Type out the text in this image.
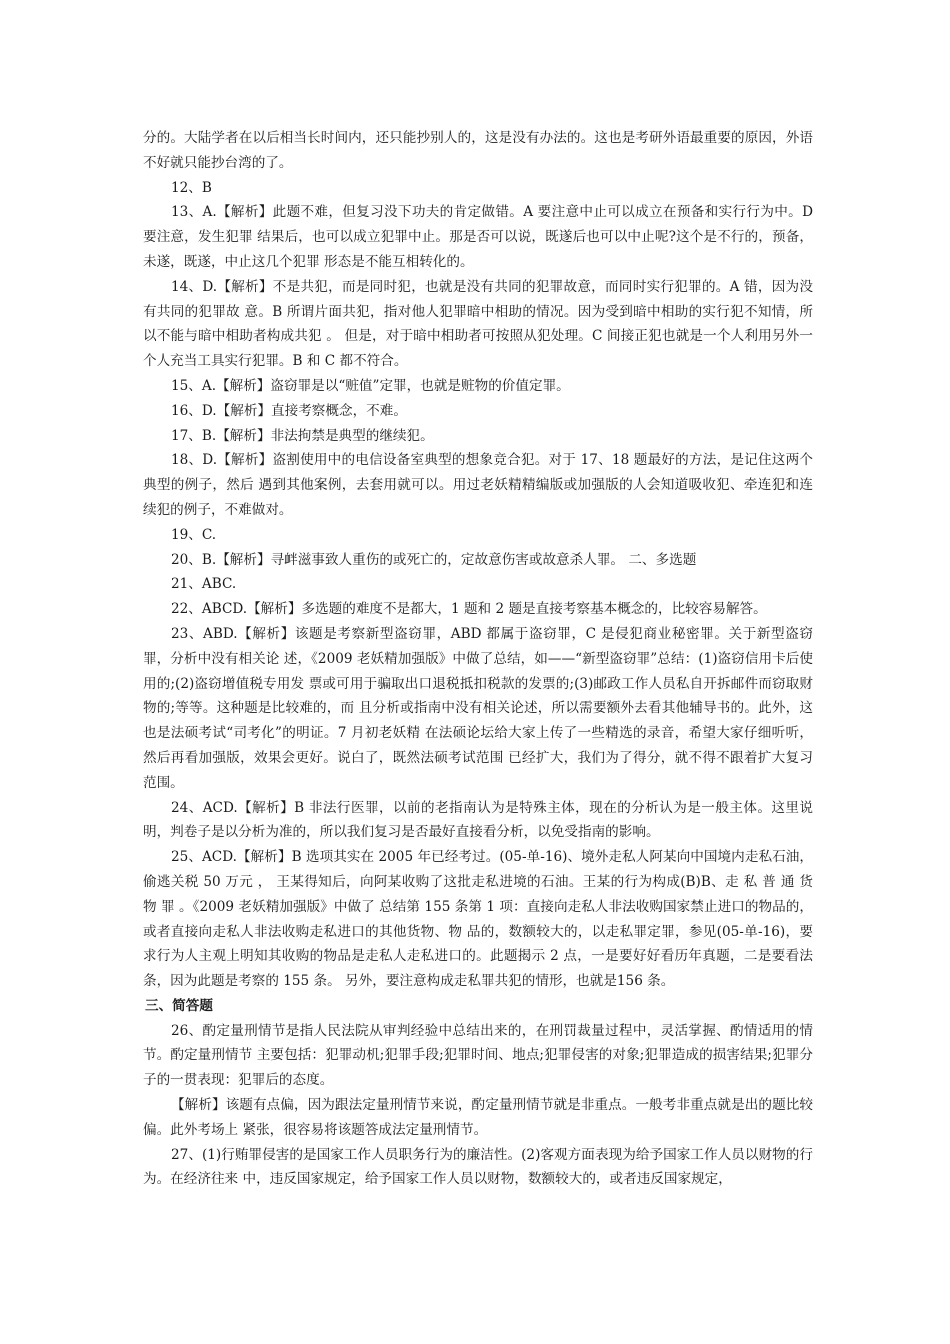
分的。大陆学者在以后相当长时间内，还只能抄别人的，这是没有办法的。这也是考研外语最重要的原因，外语不好就只能抄台湾的了。

12、B

13、A.【解析】此题不难，但复习没下功夫的肯定做错。A 要注意中止可以成立在预备和实行行为中。D 要注意，发生犯罪 结果后，也可以成立犯罪中止。那是否可以说，既遂后也可以中止呢?这个是不行的，预备，未遂，既遂，中止这几个犯罪 形态是不能互相转化的。

14、D.【解析】不是共犯，而是同时犯，也就是没有共同的犯罪故意，而同时实行犯罪的。A 错，因为没有共同的犯罪故 意。B 所谓片面共犯，指对他人犯罪暗中相助的情况。因为受到暗中相助的实行犯不知情，所以不能与暗中相助者构成共犯 。 但是，对于暗中相助者可按照从犯处理。C 间接正犯也就是一个人利用另外一个人充当工具实行犯罪。B 和 C 都不符合。

15、A.【解析】盗窃罪是以“赃值”定罪，也就是赃物的价值定罪。

16、D.【解析】直接考察概念，不难。

17、B.【解析】非法拘禁是典型的继续犯。

18、D.【解析】盗割使用中的电信设备室典型的想象竞合犯。对于 17、18 题最好的方法，是记住这两个典型的例子，然后 遇到其他案例，去套用就可以。用过老妖精精编版或加强版的人会知道吸收犯、牵连犯和连续犯的例子，不难做对。

19、C.

20、B.【解析】寻衅滋事致人重伤的或死亡的，定故意伤害或故意杀人罪。 二、多选题

21、ABC.

22、ABCD.【解析】多选题的难度不是都大，1 题和 2 题是直接考察基本概念的，比较容易解答。

23、ABD.【解析】该题是考察新型盗窃罪，ABD 都属于盗窃罪，C 是侵犯商业秘密罪。关于新型盗窃罪，分析中没有相关论 述，《2009 老妖精加强版》中做了总结，如——“新型盗窃罪”总结：(1)盗窃信用卡后使用的;(2)盗窃增值税专用发 票或可用于骗取出口退税抵扣税款的发票的;(3)邮政工作人员私自开拆邮件而窃取财物的;等等。这种题是比较难的，而 且分析或指南中没有相关论述，所以需要额外去看其他辅导书的。此外，这也是法硕考试“司考化”的明证。7 月初老妖精 在法硕论坛给大家上传了一些精选的录音，希望大家仔细听听，然后再看加强版，效果会更好。说白了，既然法硕考试范围 已经扩大，我们为了得分，就不得不跟着扩大复习范围。

24、ACD.【解析】B 非法行医罪，以前的老指南认为是特殊主体，现在的分析认为是一般主体。这里说明，判卷子是以分析为准的，所以我们复习是否最好直接看分析，以免受指南的影响。

25、ACD.【解析】B 选项其实在 2005 年已经考过。(05-单-16)、境外走私人阿某向中国境内走私石油，偷逃关税 50 万元 ， 王某得知后，向阿某收购了这批走私进境的石油。王某的行为构成(B)B、走 私 普 通 货 物 罪 。《2009 老妖精加强版》中做了 总结第 155 条第 1 项：直接向走私人非法收购国家禁止进口的物品的，或者直接向走私人非法收购走私进口的其他货物、物 品的，数额较大的，以走私罪定罪，参见(05-单-16)，要求行为人主观上明知其收购的物品是走私人走私进口的。此题揭示 2 点，一是要好好看历年真题，二是要看法条，因为此题是考察的 155 条。 另外，要注意构成走私罪共犯的情形，也就是156 条。

三、简答题

26、酌定量刑情节是指人民法院从审判经验中总结出来的，在刑罚裁量过程中，灵活掌握、酌情适用的情节。酌定量刑情节 主要包括：犯罪动机;犯罪手段;犯罪时间、地点;犯罪侵害的对象;犯罪造成的损害结果;犯罪分子的一贯表现：犯罪后的态度。

【解析】该题有点偏，因为跟法定量刑情节来说，酌定量刑情节就是非重点。一般考非重点就是出的题比较偏。此外考场上 紧张，很容易将该题答成法定量刑情节。

27、(1)行贿罪侵害的是国家工作人员职务行为的廉洁性。(2)客观方面表现为给予国家工作人员以财物的行为。在经济往来 中，违反国家规定，给予国家工作人员以财物，数额较大的，或者违反国家规定，
